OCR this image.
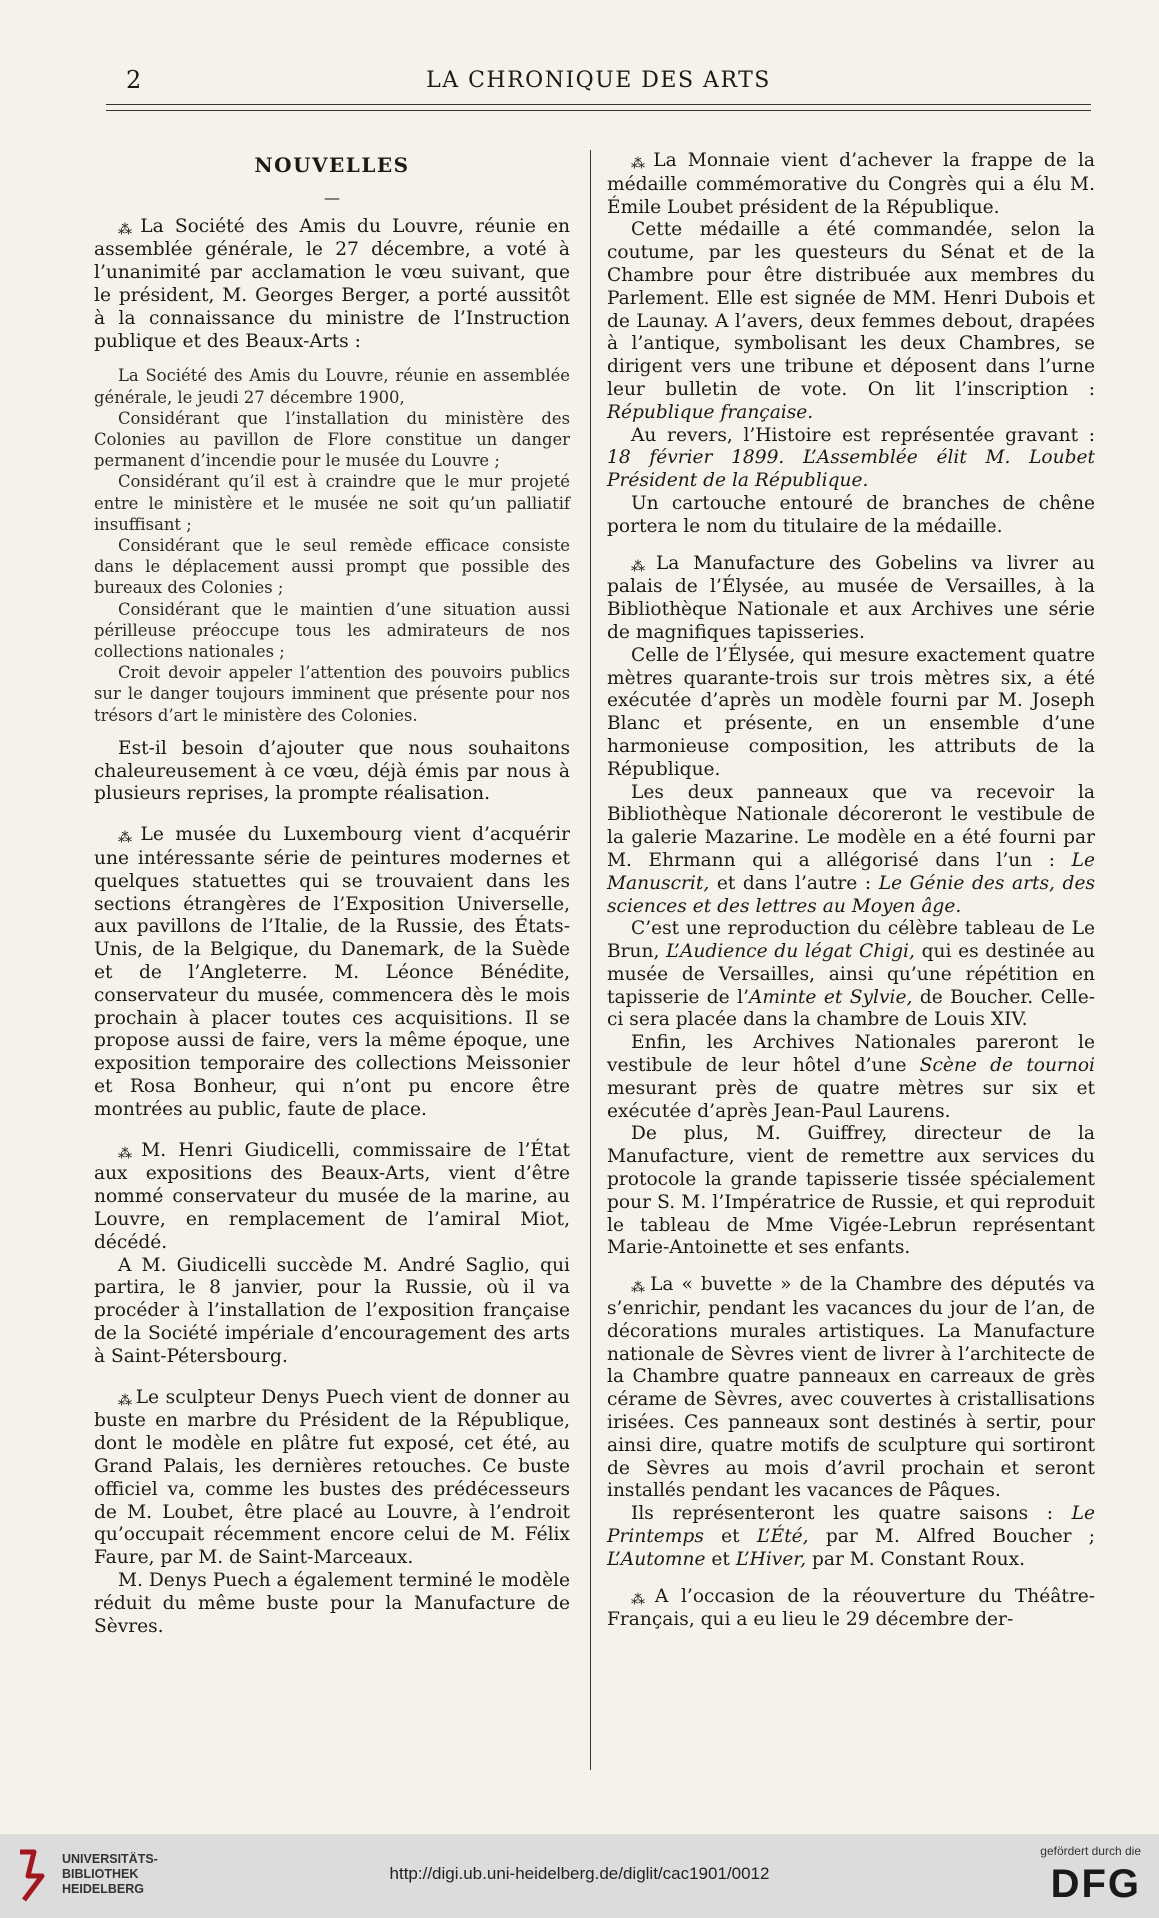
2	LA CHRONIQUE DES ARTS
NOUVELLES
—

⁂ La Société des Amis du Louvre, réunie en assemblée générale, le 27 décembre, a voté à l’unanimité par acclamation le vœu suivant, que le président, M. Georges Berger, a porté aussitôt à la connaissance du ministre de l’Instruction publique et des Beaux-Arts :

La Société des Amis du Louvre, réunie en assemblée générale, le jeudi 27 décembre 1900,

Considérant que l’installation du ministère des Colonies au pavillon de Flore constitue un danger permanent d’incendie pour le musée du Louvre ;

Considérant qu’il est à craindre que le mur projeté entre le ministère et le musée ne soit qu’un palliatif insuffisant ;

Considérant que le seul remède efficace consiste dans le déplacement aussi prompt que possible des bureaux des Colonies ;

Considérant que le maintien d’une situation aussi périlleuse préoccupe tous les admirateurs de nos collections nationales ;

Croit devoir appeler l’attention des pouvoirs publics sur le danger toujours imminent que présente pour nos trésors d’art le ministère des Colonies.

Est-il besoin d’ajouter que nous souhaitons chaleureusement à ce vœu, déjà émis par nous à plusieurs reprises, la prompte réalisation.

⁂ Le musée du Luxembourg vient d’acquérir une intéressante série de peintures modernes et quelques statuettes qui se trouvaient dans les sections étrangères de l’Exposition Universelle, aux pavillons de l’Italie, de la Russie, des États-Unis, de la Belgique, du Danemark, de la Suède et de l’Angleterre. M. Léonce Bénédite, conservateur du musée, commencera dès le mois prochain à placer toutes ces acquisitions. Il se propose aussi de faire, vers la même époque, une exposition temporaire des collections Meissonier et Rosa Bonheur, qui n’ont pu encore être montrées au public, faute de place.

⁂ M. Henri Giudicelli, commissaire de l’État aux expositions des Beaux-Arts, vient d’être nommé conservateur du musée de la marine, au Louvre, en remplacement de l’amiral Miot, décédé.

A M. Giudicelli succède M. André Saglio, qui partira, le 8 janvier, pour la Russie, où il va procéder à l’installation de l’exposition française de la Société impériale d’encouragement des arts à Saint-Pétersbourg.

⁂ Le sculpteur Denys Puech vient de donner au buste en marbre du Président de la République, dont le modèle en plâtre fut exposé, cet été, au Grand Palais, les dernières retouches. Ce buste officiel va, comme les bustes des prédécesseurs de M. Loubet, être placé au Louvre, à l’endroit qu’occupait récemment encore celui de M. Félix Faure, par M. de Saint-Marceaux.

M. Denys Puech a également terminé le modèle réduit du même buste pour la Manufacture de Sèvres.

⁂ La Monnaie vient d’achever la frappe de la médaille commémorative du Congrès qui a élu M. Émile Loubet président de la République.

Cette médaille a été commandée, selon la coutume, par les questeurs du Sénat et de la Chambre pour être distribuée aux membres du Parlement. Elle est signée de MM. Henri Dubois et de Launay. A l’avers, deux femmes debout, drapées à l’antique, symbolisant les deux Chambres, se dirigent vers une tribune et déposent dans l’urne leur bulletin de vote. On lit l’inscription : République française.

Au revers, l’Histoire est représentée gravant : 18 février 1899. L’Assemblée élit M. Loubet Président de la République.

Un cartouche entouré de branches de chêne portera le nom du titulaire de la médaille.

⁂ La Manufacture des Gobelins va livrer au palais de l’Élysée, au musée de Versailles, à la Bibliothèque Nationale et aux Archives une série de magnifiques tapisseries.

Celle de l’Élysée, qui mesure exactement quatre mètres quarante-trois sur trois mètres six, a été exécutée d’après un modèle fourni par M. Joseph Blanc et présente, en un ensemble d’une harmonieuse composition, les attributs de la République.

Les deux panneaux que va recevoir la Bibliothèque Nationale décoreront le vestibule de la galerie Mazarine. Le modèle en a été fourni par M. Ehrmann qui a allégorisé dans l’un : Le Manuscrit, et dans l’autre : Le Génie des arts, des sciences et des lettres au Moyen âge.

C’est une reproduction du célèbre tableau de Le Brun, L’Audience du légat Chigi, qui es destinée au musée de Versailles, ainsi qu’une répétition en tapisserie de l’Aminte et Sylvie, de Boucher. Celle-ci sera placée dans la chambre de Louis XIV.

Enfin, les Archives Nationales pareront le vestibule de leur hôtel d’une Scène de tournoi mesurant près de quatre mètres sur six et exécutée d’après Jean-Paul Laurens.

De plus, M. Guiffrey, directeur de la Manufacture, vient de remettre aux services du protocole la grande tapisserie tissée spécialement pour S. M. l’Impératrice de Russie, et qui reproduit le tableau de Mme Vigée-Lebrun représentant Marie-Antoinette et ses enfants.

⁂ La « buvette » de la Chambre des députés va s’enrichir, pendant les vacances du jour de l’an, de décorations murales artistiques. La Manufacture nationale de Sèvres vient de livrer à l’architecte de la Chambre quatre panneaux en carreaux de grès cérame de Sèvres, avec couvertes à cristallisations irisées. Ces panneaux sont destinés à sertir, pour ainsi dire, quatre motifs de sculpture qui sortiront de Sèvres au mois d’avril prochain et seront installés pendant les vacances de Pâques.

Ils représenteront les quatre saisons : Le Printemps et L’Été, par M. Alfred Boucher ; L’Automne et L’Hiver, par M. Constant Roux.

⁂ A l’occasion de la réouverture du Théâtre-Français, qui a eu lieu le 29 décembre der-

UNIVERSITÄTS-
BIBLIOTHEK
HEIDELBERG
http://digi.ub.uni-heidelberg.de/diglit/cac1901/0012
gefördert durch die
DFG
